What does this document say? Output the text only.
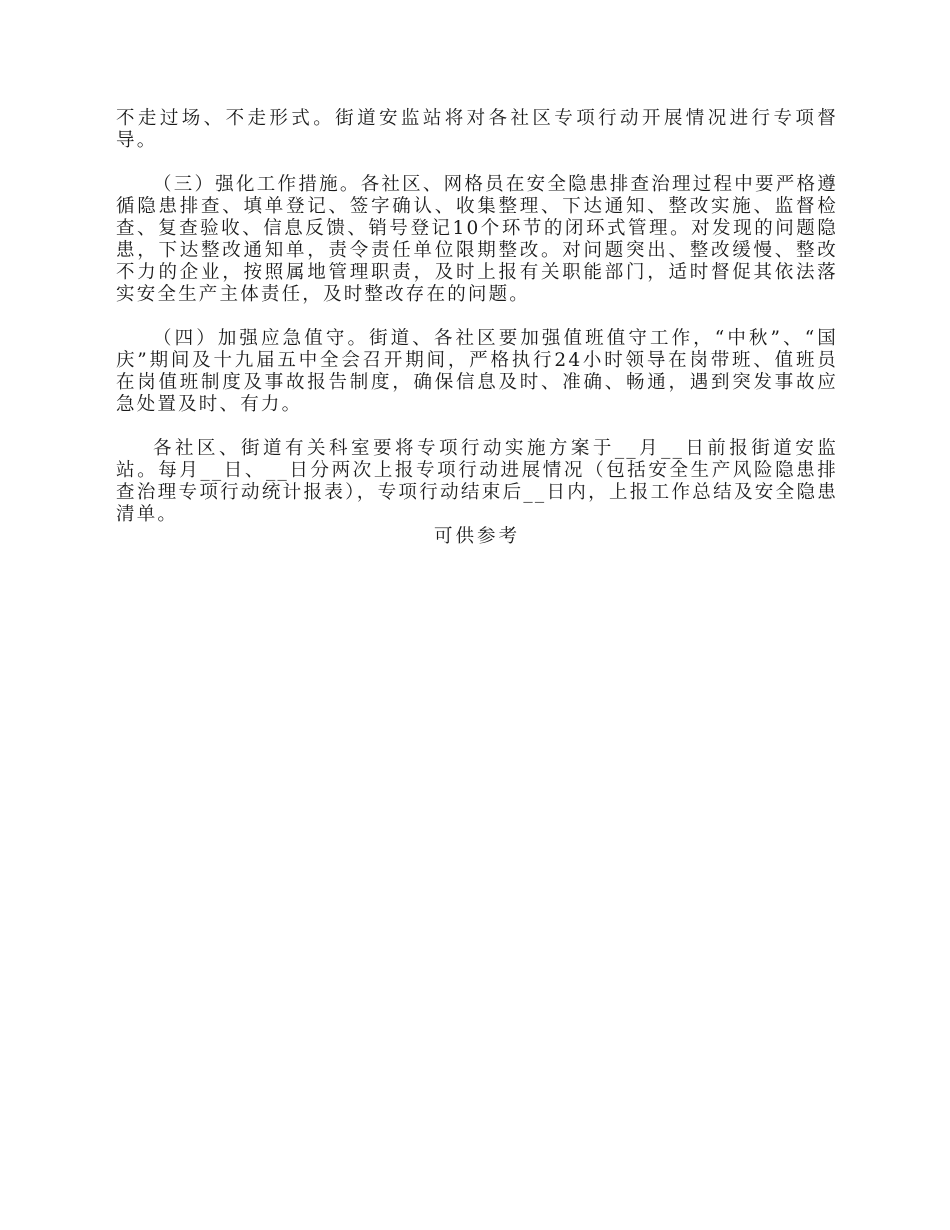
不走过场、不走形式。街道安监站将对各社区专项行动开展情况进行专项督导。

（三）强化工作措施。各社区、网格员在安全隐患排查治理过程中要严格遵循隐患排查、填单登记、签字确认、收集整理、下达通知、整改实施、监督检查、复查验收、信息反馈、销号登记10个环节的闭环式管理。对发现的问题隐患，下达整改通知单，责令责任单位限期整改。对问题突出、整改缓慢、整改不力的企业，按照属地管理职责，及时上报有关职能部门，适时督促其依法落实安全生产主体责任，及时整改存在的问题。

（四）加强应急值守。街道、各社区要加强值班值守工作，“中秋”、“国庆”期间及十九届五中全会召开期间，严格执行24小时领导在岗带班、值班员在岗值班制度及事故报告制度，确保信息及时、准确、畅通，遇到突发事故应急处置及时、有力。

各社区、街道有关科室要将专项行动实施方案于__月__日前报街道安监站。每月__日、__日分两次上报专项行动进展情况（包括安全生产风险隐患排查治理专项行动统计报表），专项行动结束后__日内，上报工作总结及安全隐患清单。

可供参考
